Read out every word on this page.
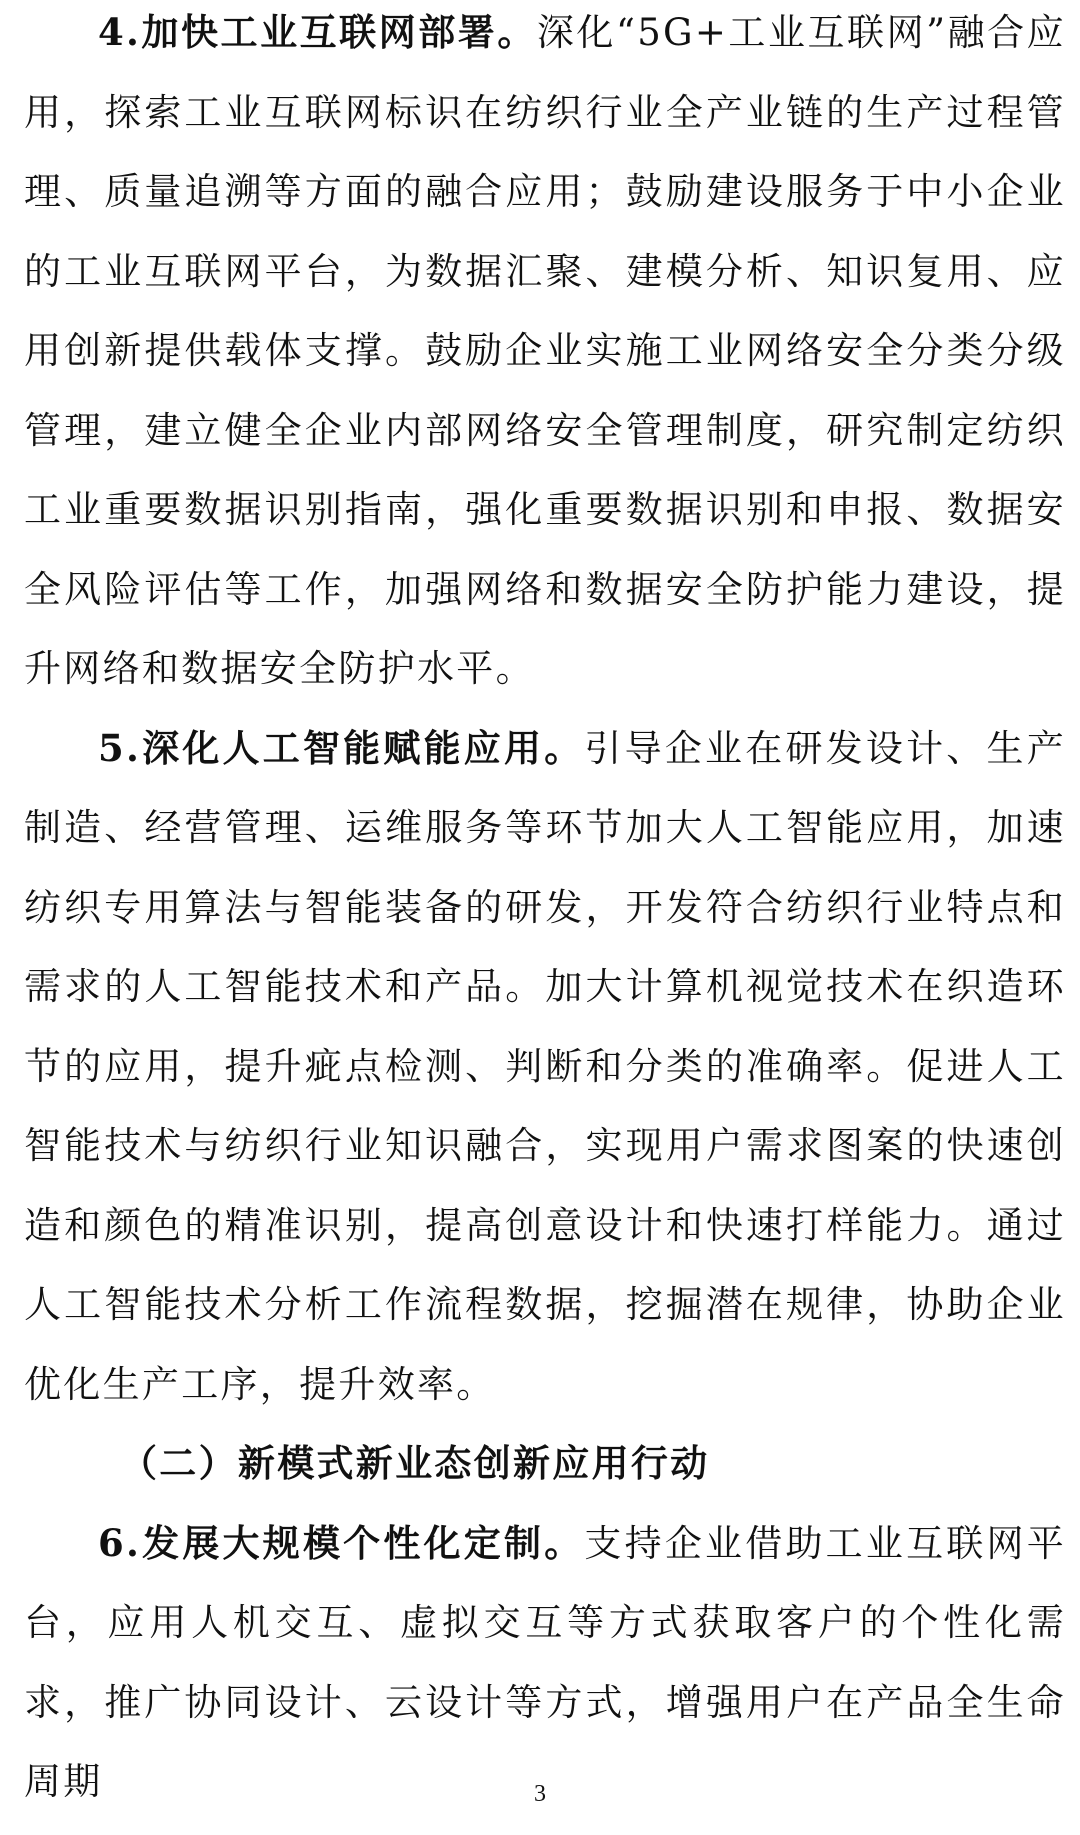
4.加快工业互联网部署。深化“5G+工业互联网”融合应用，探索工业互联网标识在纺织行业全产业链的生产过程管理、质量追溯等方面的融合应用；鼓励建设服务于中小企业的工业互联网平台，为数据汇聚、建模分析、知识复用、应用创新提供载体支撑。鼓励企业实施工业网络安全分类分级管理，建立健全企业内部网络安全管理制度，研究制定纺织工业重要数据识别指南，强化重要数据识别和申报、数据安全风险评估等工作，加强网络和数据安全防护能力建设，提升网络和数据安全防护水平。

5.深化人工智能赋能应用。引导企业在研发设计、生产制造、经营管理、运维服务等环节加大人工智能应用，加速纺织专用算法与智能装备的研发，开发符合纺织行业特点和需求的人工智能技术和产品。加大计算机视觉技术在织造环节的应用，提升疵点检测、判断和分类的准确率。促进人工智能技术与纺织行业知识融合，实现用户需求图案的快速创造和颜色的精准识别，提高创意设计和快速打样能力。通过人工智能技术分析工作流程数据，挖掘潜在规律，协助企业优化生产工序，提升效率。

（二）新模式新业态创新应用行动

6.发展大规模个性化定制。支持企业借助工业互联网平台，应用人机交互、虚拟交互等方式获取客户的个性化需求，推广协同设计、云设计等方式，增强用户在产品全生命周期	3
